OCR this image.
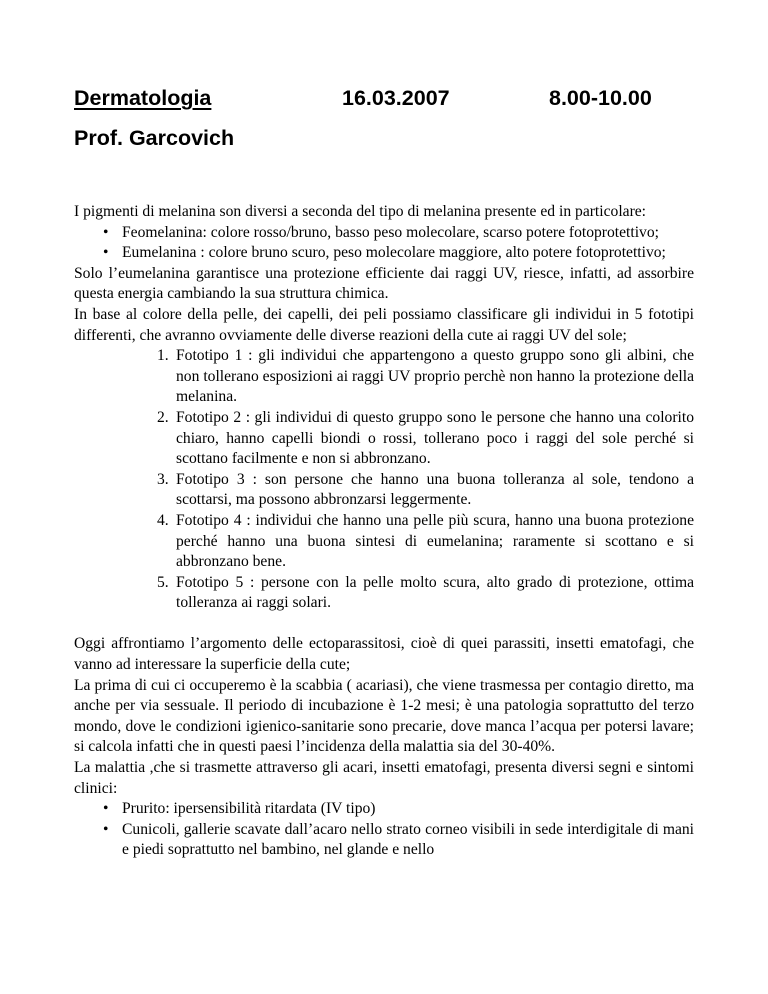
Dermatologia	16.03.2007	8.00-10.00
Prof. Garcovich

I pigmenti di melanina son diversi a seconda del tipo di melanina presente ed in particolare:

• Feomelanina: colore rosso/bruno, basso peso molecolare, scarso potere fotoprotettivo;
• Eumelanina : colore bruno scuro, peso molecolare maggiore, alto potere fotoprotettivo;

Solo l’eumelanina garantisce una protezione efficiente dai raggi UV, riesce, infatti, ad assorbire questa energia cambiando la sua struttura chimica.

In base al colore della pelle, dei capelli, dei peli possiamo classificare gli individui in 5 fototipi differenti, che avranno ovviamente delle diverse reazioni della cute ai raggi UV del sole;

1. Fototipo 1 : gli individui che appartengono a questo gruppo sono gli albini, che non tollerano esposizioni ai raggi UV proprio perchè non hanno la protezione della melanina.
2. Fototipo 2 : gli individui di questo gruppo sono le persone che hanno una colorito chiaro, hanno capelli biondi o rossi, tollerano poco i raggi del sole perché si scottano facilmente e non si abbronzano.
3. Fototipo 3 : son persone che hanno una buona tolleranza al sole, tendono a scottarsi, ma possono abbronzarsi leggermente.
4. Fototipo 4 : individui che hanno una pelle più scura, hanno una buona protezione perché hanno una buona sintesi di eumelanina; raramente si scottano e si abbronzano bene.
5. Fototipo 5 : persone con la pelle molto scura, alto grado di protezione, ottima tolleranza ai raggi solari.

Oggi affrontiamo l’argomento delle ectoparassitosi, cioè di quei parassiti, insetti ematofagi, che vanno ad interessare la superficie della cute;

La prima di cui ci occuperemo è la scabbia ( acariasi), che viene trasmessa per contagio diretto, ma anche per via sessuale. Il periodo di incubazione è 1-2 mesi; è una patologia soprattutto del terzo mondo, dove le condizioni igienico-sanitarie sono precarie, dove manca l’acqua per potersi lavare; si calcola infatti che in questi paesi l’incidenza della malattia sia del 30-40%.

La malattia ,che si trasmette attraverso gli acari, insetti ematofagi, presenta diversi segni e sintomi clinici:

• Prurito: ipersensibilità ritardata (IV tipo)
• Cunicoli, gallerie scavate dall’acaro nello strato corneo visibili in sede interdigitale di mani e piedi soprattutto nel bambino, nel glande e nello
